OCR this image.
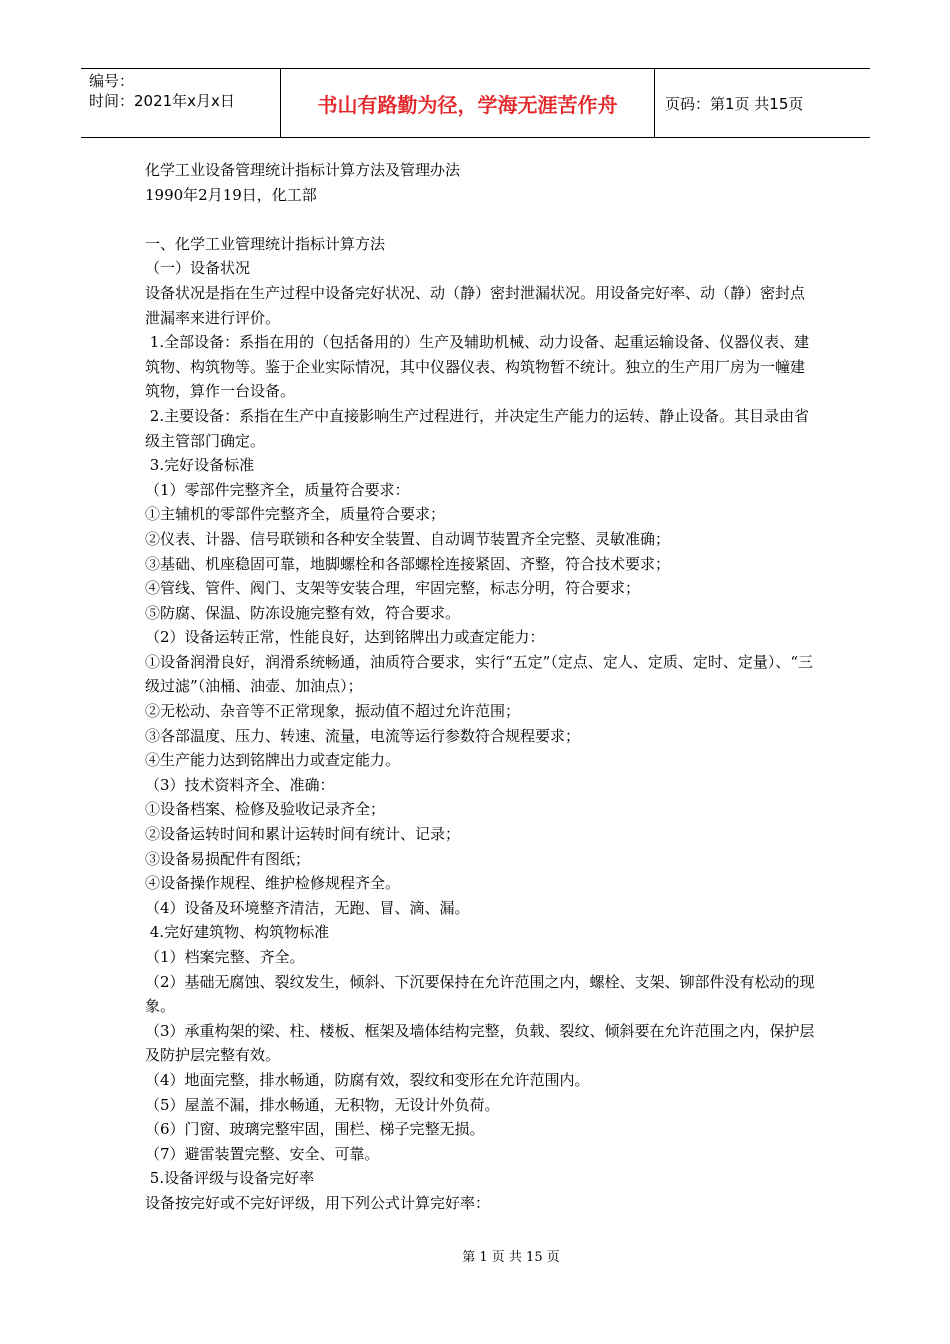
编号：
时间：2021年x月x日	书山有路勤为径，学海无涯苦作舟	页码：第1页 共15页

化学工业设备管理统计指标计算方法及管理办法

1990年2月19日，化工部

一、化学工业管理统计指标计算方法

（一）设备状况

设备状况是指在生产过程中设备完好状况、动（静）密封泄漏状况。用设备完好率、动（静）密封点泄漏率来进行评价。

1.全部设备：系指在用的（包括备用的）生产及辅助机械、动力设备、起重运输设备、仪器仪表、建筑物、构筑物等。鉴于企业实际情况，其中仪器仪表、构筑物暂不统计。独立的生产用厂房为一幢建筑物，算作一台设备。

2.主要设备：系指在生产中直接影响生产过程进行，并决定生产能力的运转、静止设备。其目录由省级主管部门确定。

3.完好设备标准

（1）零部件完整齐全，质量符合要求：

①主辅机的零部件完整齐全，质量符合要求；

②仪表、计器、信号联锁和各种安全装置、自动调节装置齐全完整、灵敏准确；

③基础、机座稳固可靠，地脚螺栓和各部螺栓连接紧固、齐整，符合技术要求；

④管线、管件、阀门、支架等安装合理，牢固完整，标志分明，符合要求；

⑤防腐、保温、防冻设施完整有效，符合要求。

（2）设备运转正常，性能良好，达到铭牌出力或查定能力：

①设备润滑良好，润滑系统畅通，油质符合要求，实行“五定”（定点、定人、定质、定时、定量）、“三级过滤”（油桶、油壶、加油点）；

②无松动、杂音等不正常现象，振动值不超过允许范围；

③各部温度、压力、转速、流量，电流等运行参数符合规程要求；

④生产能力达到铭牌出力或查定能力。

（3）技术资料齐全、准确：

①设备档案、检修及验收记录齐全；

②设备运转时间和累计运转时间有统计、记录；

③设备易损配件有图纸；

④设备操作规程、维护检修规程齐全。

（4）设备及环境整齐清洁，无跑、冒、滴、漏。

4.完好建筑物、构筑物标准

（1）档案完整、齐全。

（2）基础无腐蚀、裂纹发生，倾斜、下沉要保持在允许范围之内，螺栓、支架、铆部件没有松动的现象。

（3）承重构架的梁、柱、楼板、框架及墙体结构完整，负载、裂纹、倾斜要在允许范围之内，保护层及防护层完整有效。

（4）地面完整，排水畅通，防腐有效，裂纹和变形在允许范围内。

（5）屋盖不漏，排水畅通，无积物，无设计外负荷。

（6）门窗、玻璃完整牢固，围栏、梯子完整无损。

（7）避雷装置完整、安全、可靠。

5.设备评级与设备完好率

设备按完好或不完好评级，用下列公式计算完好率：

第 1 页 共 15 页
